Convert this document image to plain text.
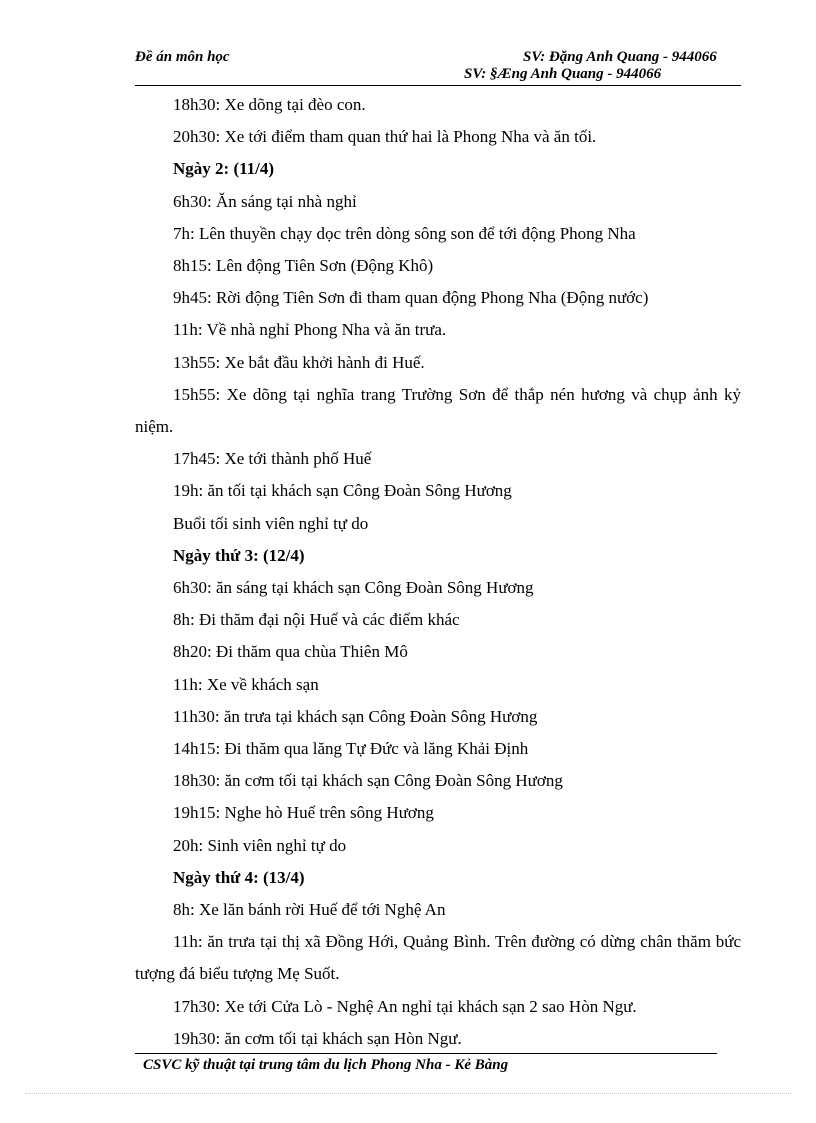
Đề án môn học	SV: Đặng Anh Quang - 944066
SV: §Æng Anh Quang - 944066

18h30: Xe dõng tại đèo con.

20h30: Xe tới điểm tham quan thứ hai là Phong Nha và ăn tối.

Ngày 2: (11/4)

6h30: Ăn sáng tại nhà nghỉ

7h: Lên thuyền chạy dọc trên dòng sông son để tới động Phong Nha

8h15: Lên động Tiên Sơn (Động Khô)

9h45: Rời động Tiên Sơn đi tham quan động Phong Nha (Động nước)

11h: Về nhà nghỉ Phong Nha và ăn trưa.

13h55: Xe bắt đầu khởi hành đi Huế.

15h55: Xe dõng tại nghĩa trang Trường Sơn để thắp nén hương và chụp ảnh kỷ niệm.

17h45: Xe tới thành phố Huế

19h: ăn tối tại khách sạn Công Đoàn Sông Hương

Buổi tối sinh viên nghỉ tự do

Ngày thứ 3: (12/4)

6h30: ăn sáng tại khách sạn Công Đoàn Sông Hương

8h: Đi thăm đại nội Huế và các điểm khác

8h20: Đi thăm qua chùa Thiên Mô

11h: Xe về khách sạn

11h30: ăn trưa tại khách sạn Công Đoàn Sông Hương

14h15: Đi thăm qua lăng Tự Đức và lăng Khải Định

18h30: ăn cơm tối tại khách sạn Công Đoàn Sông Hương

19h15: Nghe hò Huế trên sông Hương

20h: Sinh viên nghỉ tự do

Ngày thứ 4: (13/4)

8h: Xe lăn bánh rời Huế để tới Nghệ An

11h: ăn trưa tại thị xã Đồng Hới, Quảng Bình. Trên đường có dừng chân thăm bức tượng đá biểu tượng Mẹ Suốt.

17h30: Xe tới Cửa Lò - Nghệ An nghỉ tại khách sạn 2 sao Hòn Ngư.

19h30: ăn cơm tối tại khách sạn Hòn Ngư.

CSVC kỹ thuật tại trung tâm du lịch Phong Nha - Kẻ Bàng
